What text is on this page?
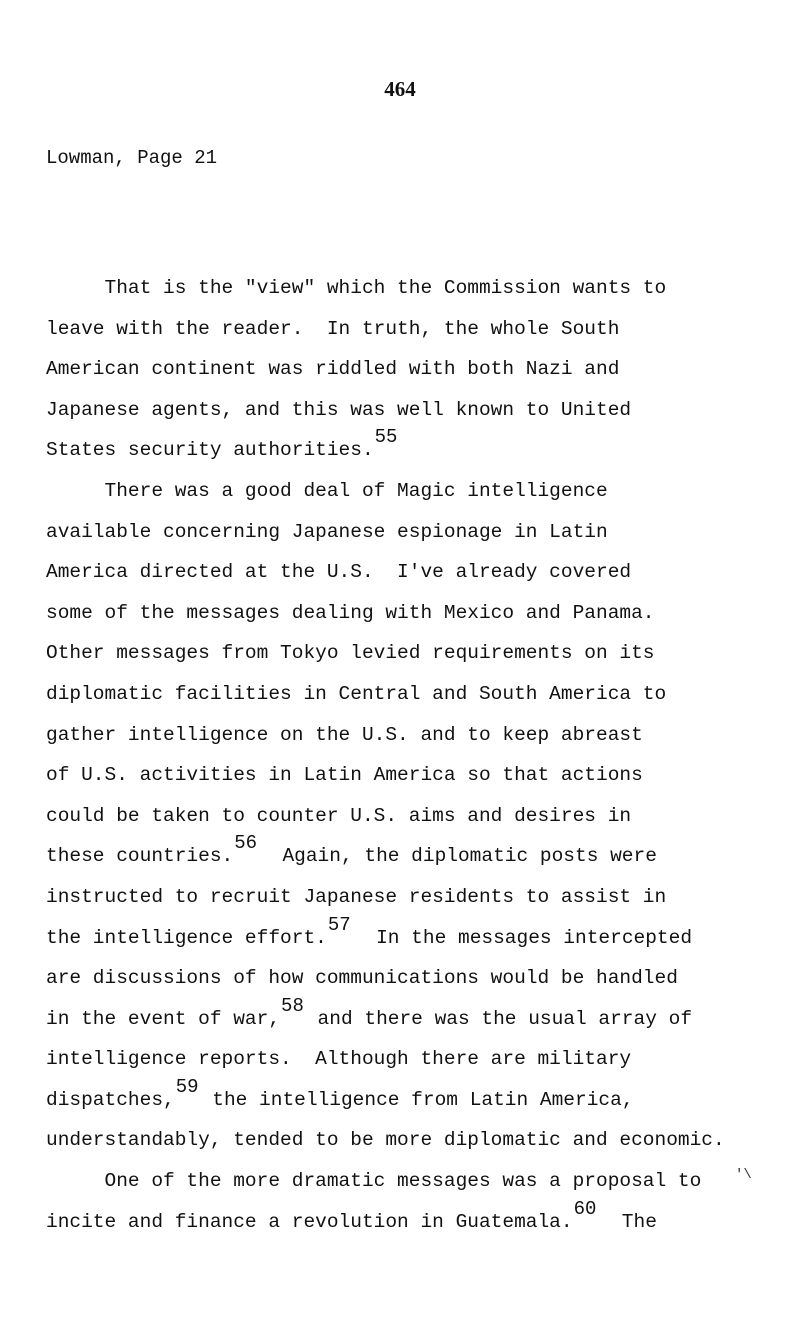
464
Lowman, Page 21
That is the "view" which the Commission wants to
leave with the reader.  In truth, the whole South
American continent was riddled with both Nazi and
Japanese agents, and this was well known to United
States security authorities.55
There was a good deal of Magic intelligence
available concerning Japanese espionage in Latin
America directed at the U.S.  I've already covered
some of the messages dealing with Mexico and Panama.
Other messages from Tokyo levied requirements on its
diplomatic facilities in Central and South America to
gather intelligence on the U.S. and to keep abreast
of U.S. activities in Latin America so that actions
could be taken to counter U.S. aims and desires in
these countries.56  Again, the diplomatic posts were
instructed to recruit Japanese residents to assist in
the intelligence effort.57  In the messages intercepted
are discussions of how communications would be handled
in the event of war,58 and there was the usual array of
intelligence reports.  Although there are military
dispatches,59 the intelligence from Latin America,
understandably, tended to be more diplomatic and economic.
One of the more dramatic messages was a proposal to
incite and finance a revolution in Guatemala.60  The
'\
